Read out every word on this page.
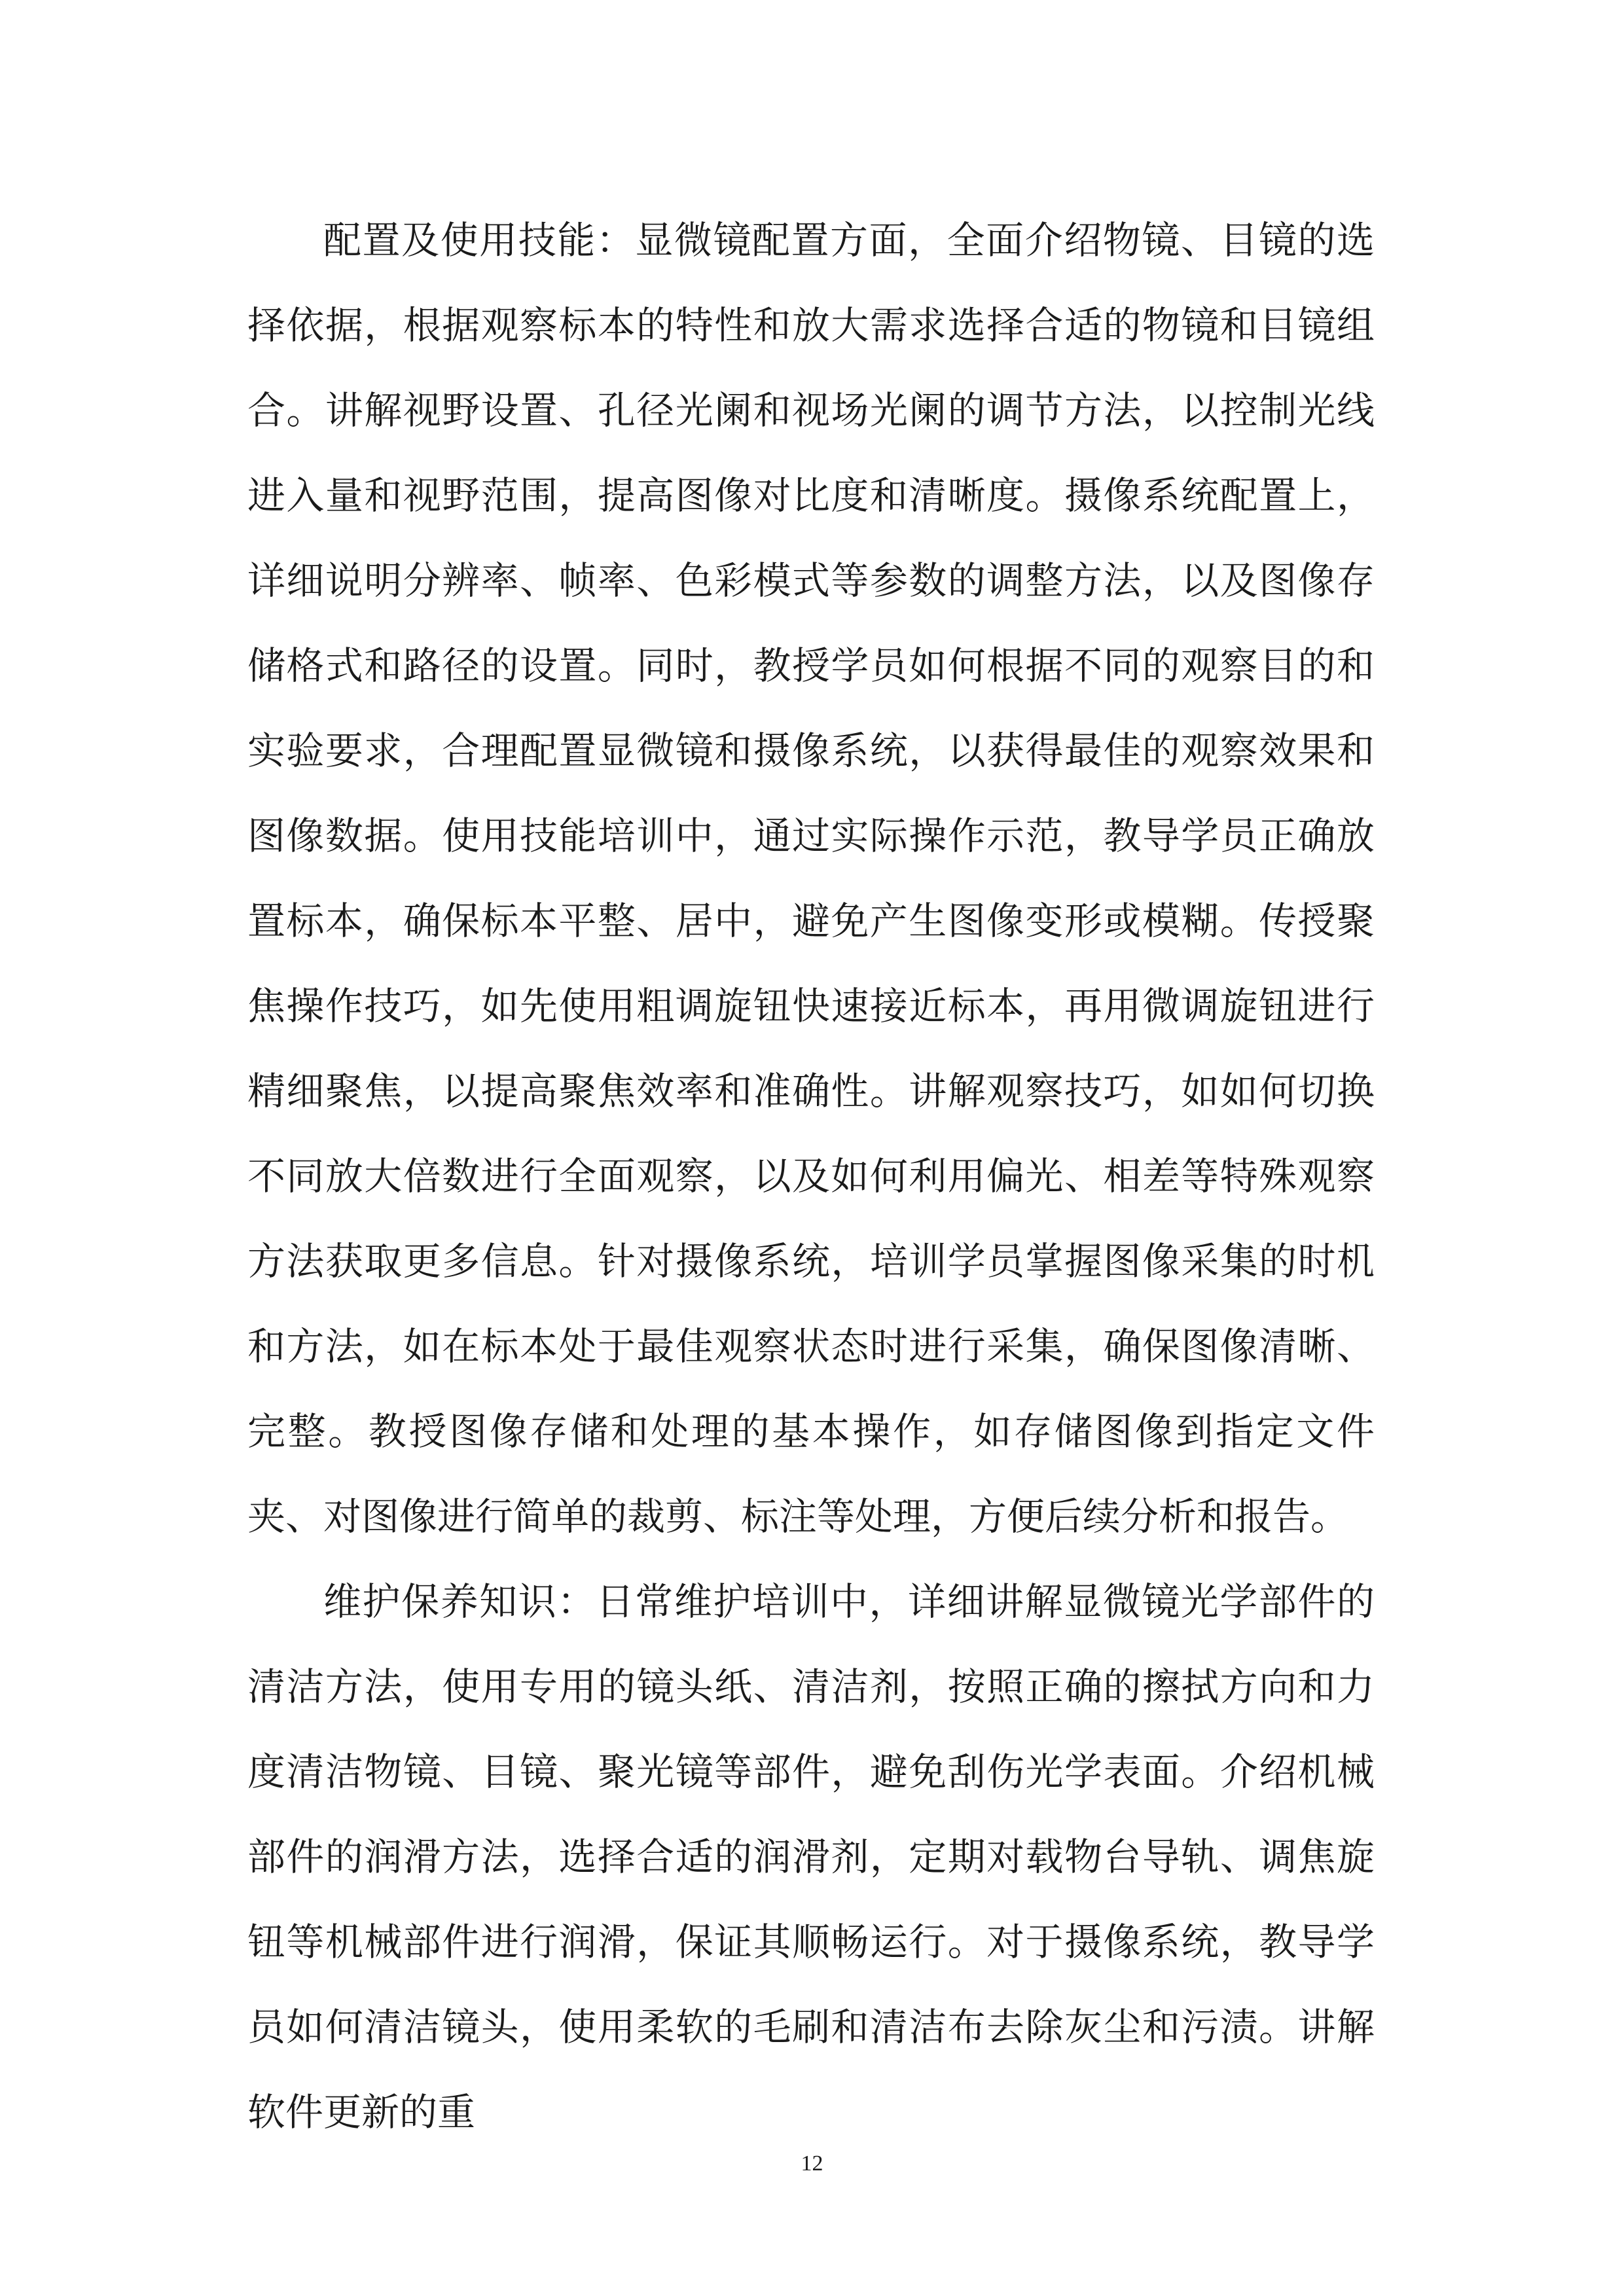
配置及使用技能：显微镜配置方面，全面介绍物镜、目镜的选择依据，根据观察标本的特性和放大需求选择合适的物镜和目镜组合。讲解视野设置、孔径光阑和视场光阑的调节方法，以控制光线进入量和视野范围，提高图像对比度和清晰度。摄像系统配置上，详细说明分辨率、帧率、色彩模式等参数的调整方法，以及图像存储格式和路径的设置。同时，教授学员如何根据不同的观察目的和实验要求，合理配置显微镜和摄像系统，以获得最佳的观察效果和图像数据。使用技能培训中，通过实际操作示范，教导学员正确放置标本，确保标本平整、居中，避免产生图像变形或模糊。传授聚焦操作技巧，如先使用粗调旋钮快速接近标本，再用微调旋钮进行精细聚焦，以提高聚焦效率和准确性。讲解观察技巧，如如何切换不同放大倍数进行全面观察，以及如何利用偏光、相差等特殊观察方法获取更多信息。针对摄像系统，培训学员掌握图像采集的时机和方法，如在标本处于最佳观察状态时进行采集，确保图像清晰、完整。教授图像存储和处理的基本操作，如存储图像到指定文件夹、对图像进行简单的裁剪、标注等处理，方便后续分析和报告。

维护保养知识：日常维护培训中，详细讲解显微镜光学部件的清洁方法，使用专用的镜头纸、清洁剂，按照正确的擦拭方向和力度清洁物镜、目镜、聚光镜等部件，避免刮伤光学表面。介绍机械部件的润滑方法，选择合适的润滑剂，定期对载物台导轨、调焦旋钮等机械部件进行润滑，保证其顺畅运行。对于摄像系统，教导学员如何清洁镜头，使用柔软的毛刷和清洁布去除灰尘和污渍。讲解软件更新的重

12
